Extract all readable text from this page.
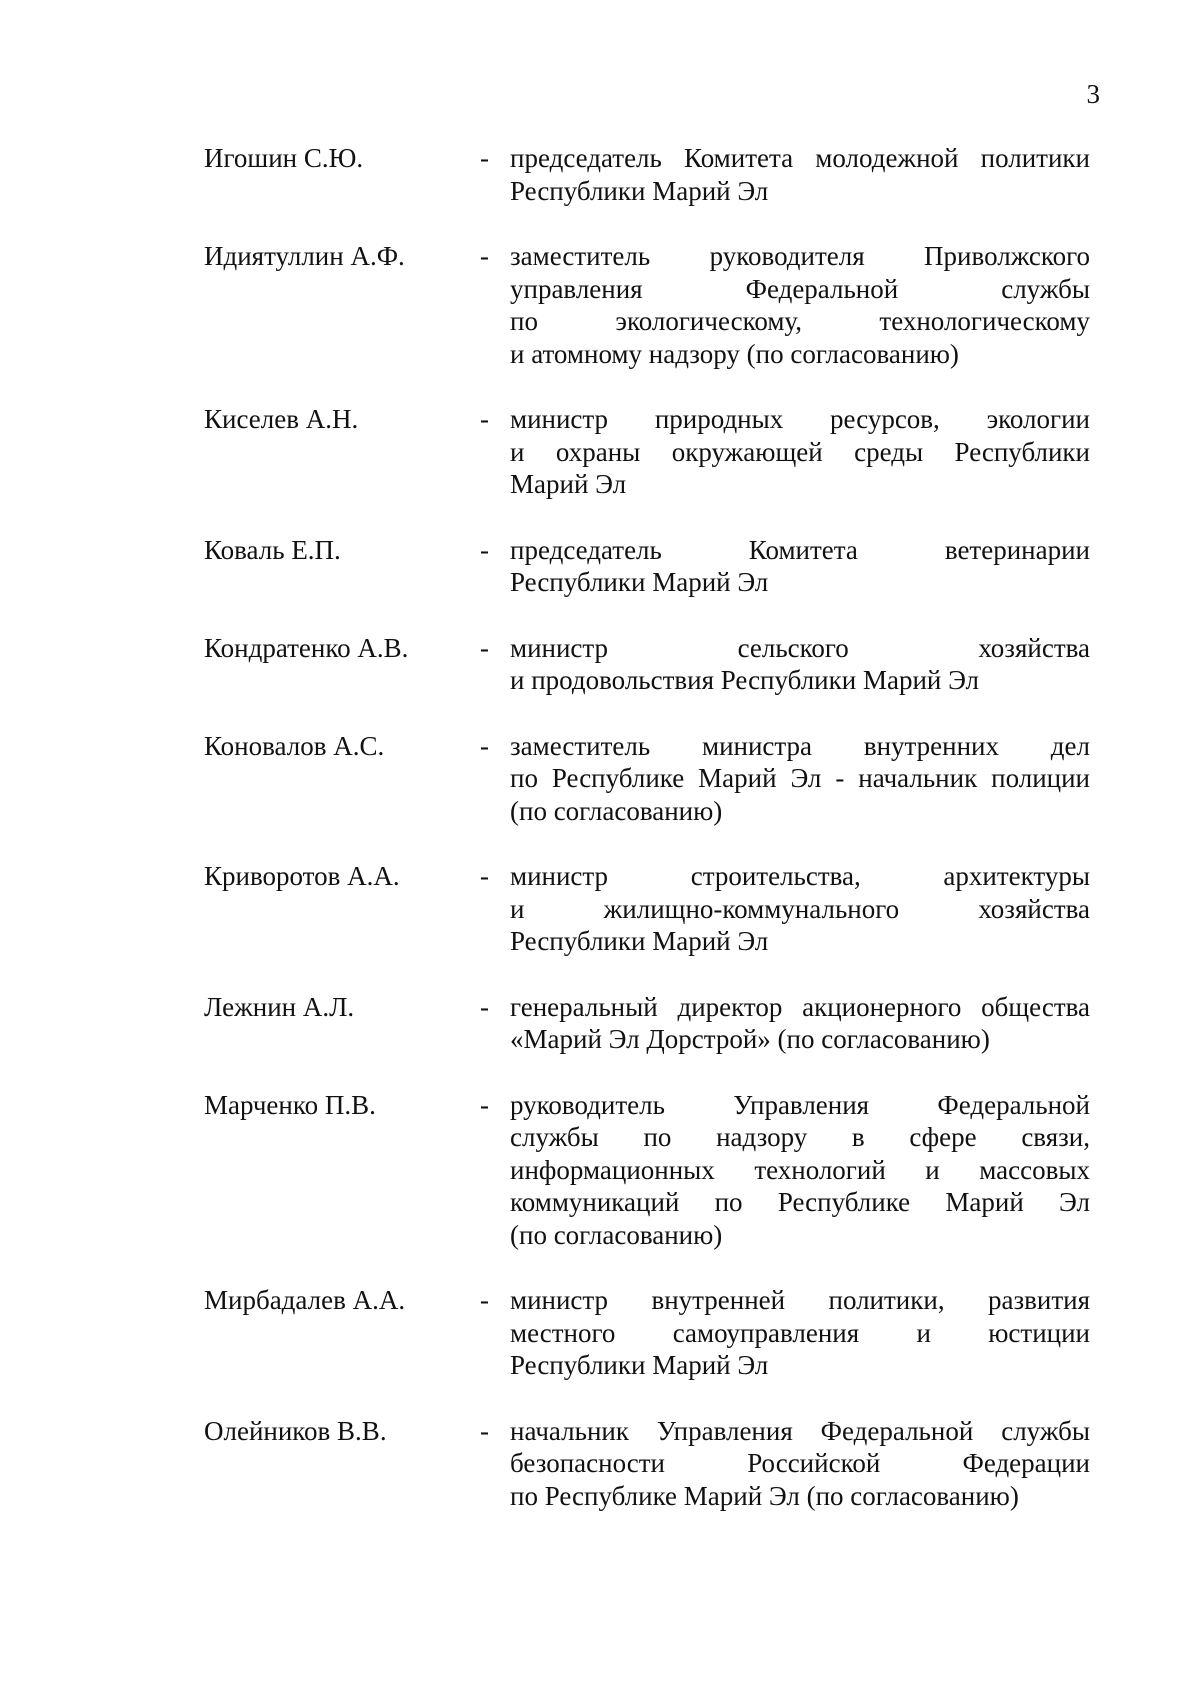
3
Игошин С.Ю.	- председатель Комитета молодежной политики
Республики Марий Эл
Идиятуллин А.Ф.	- заместитель руководителя Приволжского
управления Федеральной службы
по экологическому, технологическому
и атомному надзору (по согласованию)
Киселев А.Н.	- министр природных ресурсов, экологии
и охраны окружающей среды Республики
Марий Эл
Коваль Е.П.	- председатель Комитета ветеринарии
Республики Марий Эл
Кондратенко А.В.	- министр сельского хозяйства
и продовольствия Республики Марий Эл
Коновалов А.С.	- заместитель министра внутренних дел
по Республике Марий Эл - начальник полиции
(по согласованию)
Криворотов А.А.	- министр строительства, архитектуры
и жилищно-коммунального хозяйства
Республики Марий Эл
Лежнин А.Л.	- генеральный директор акционерного общества
«Марий Эл Дорстрой» (по согласованию)
Марченко П.В.	- руководитель Управления Федеральной
службы по надзору в сфере связи,
информационных технологий и массовых
коммуникаций по Республике Марий Эл
(по согласованию)
Мирбадалев А.А.	- министр внутренней политики, развития
местного самоуправления и юстиции
Республики Марий Эл
Олейников В.В.	- начальник Управления Федеральной службы
безопасности Российской Федерации
по Республике Марий Эл (по согласованию)
